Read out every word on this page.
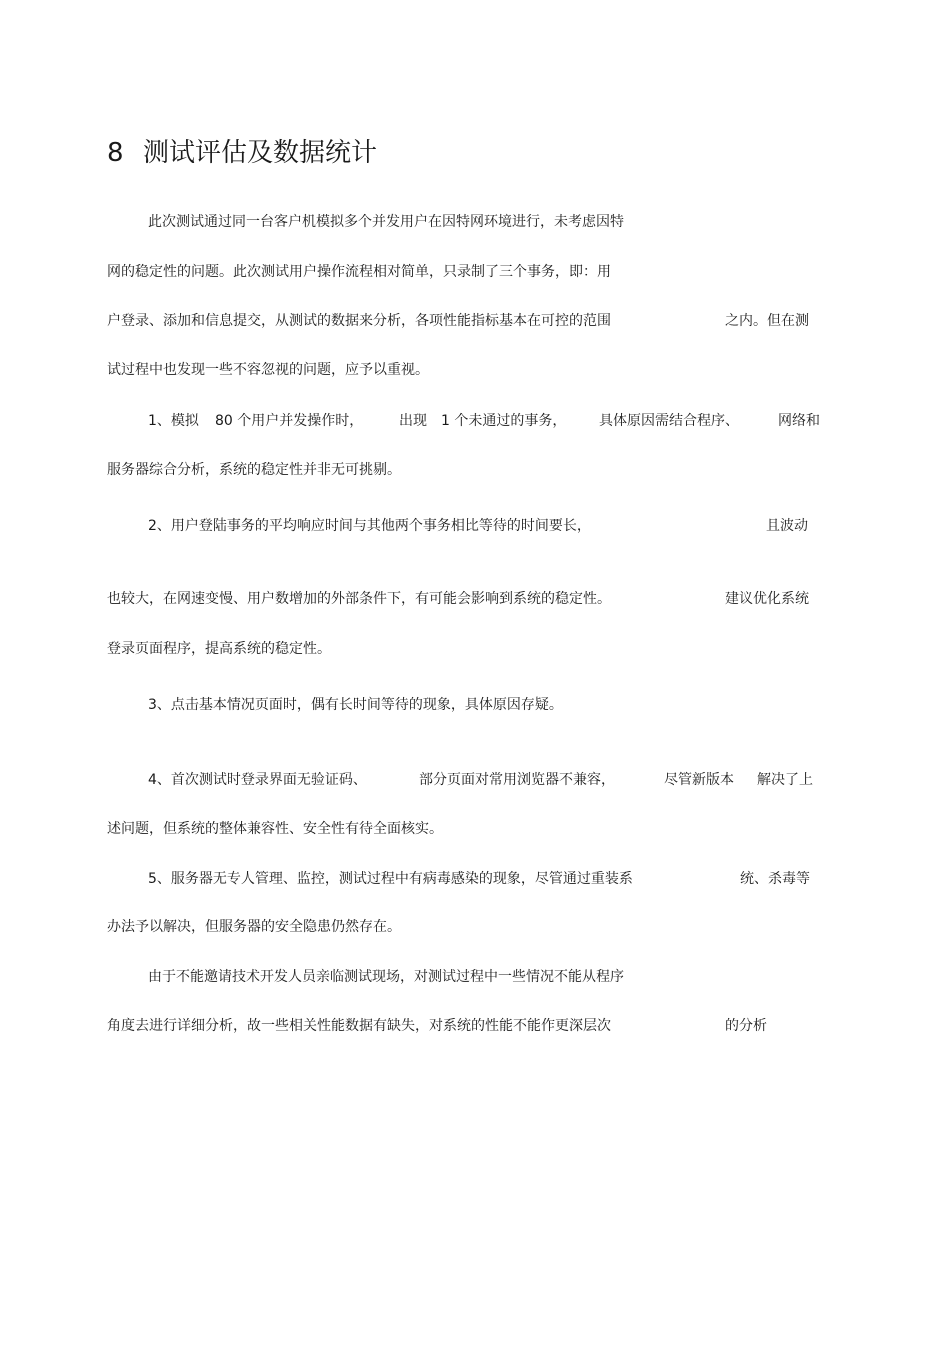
8 测试评估及数据统计
此次测试通过同一台客户机模拟多个并发用户在因特网环境进行，未考虑因特
网的稳定性的问题。此次测试用户操作流程相对简单，只录制了三个事务，即：用
户登录、添加和信息提交，从测试的数据来分析，各项性能指标基本在可控的范围	之内。但在测
试过程中也发现一些不容忽视的问题，应予以重视。
1、模拟 80 个用户并发操作时，	出现 1 个未通过的事务， 具体原因需结合程序、	网络和
服务器综合分析，系统的稳定性并非无可挑剔。
2、用户登陆事务的平均响应时间与其他两个事务相比等待的时间要长，	且波动
也较大，在网速变慢、用户数增加的外部条件下，有可能会影响到系统的稳定性。	建议优化系统
登录页面程序，提高系统的稳定性。
3、点击基本情况页面时，偶有长时间等待的现象，具体原因存疑。
4、首次测试时登录界面无验证码、	部分页面对常用浏览器不兼容，	尽管新版本 解决了上
述问题，但系统的整体兼容性、安全性有待全面核实。
5、服务器无专人管理、监控，测试过程中有病毒感染的现象，尽管通过重装系	统、杀毒等
办法予以解决，但服务器的安全隐患仍然存在。
由于不能邀请技术开发人员亲临测试现场，对测试过程中一些情况不能从程序
角度去进行详细分析，故一些相关性能数据有缺失，对系统的性能不能作更深层次	的分析
